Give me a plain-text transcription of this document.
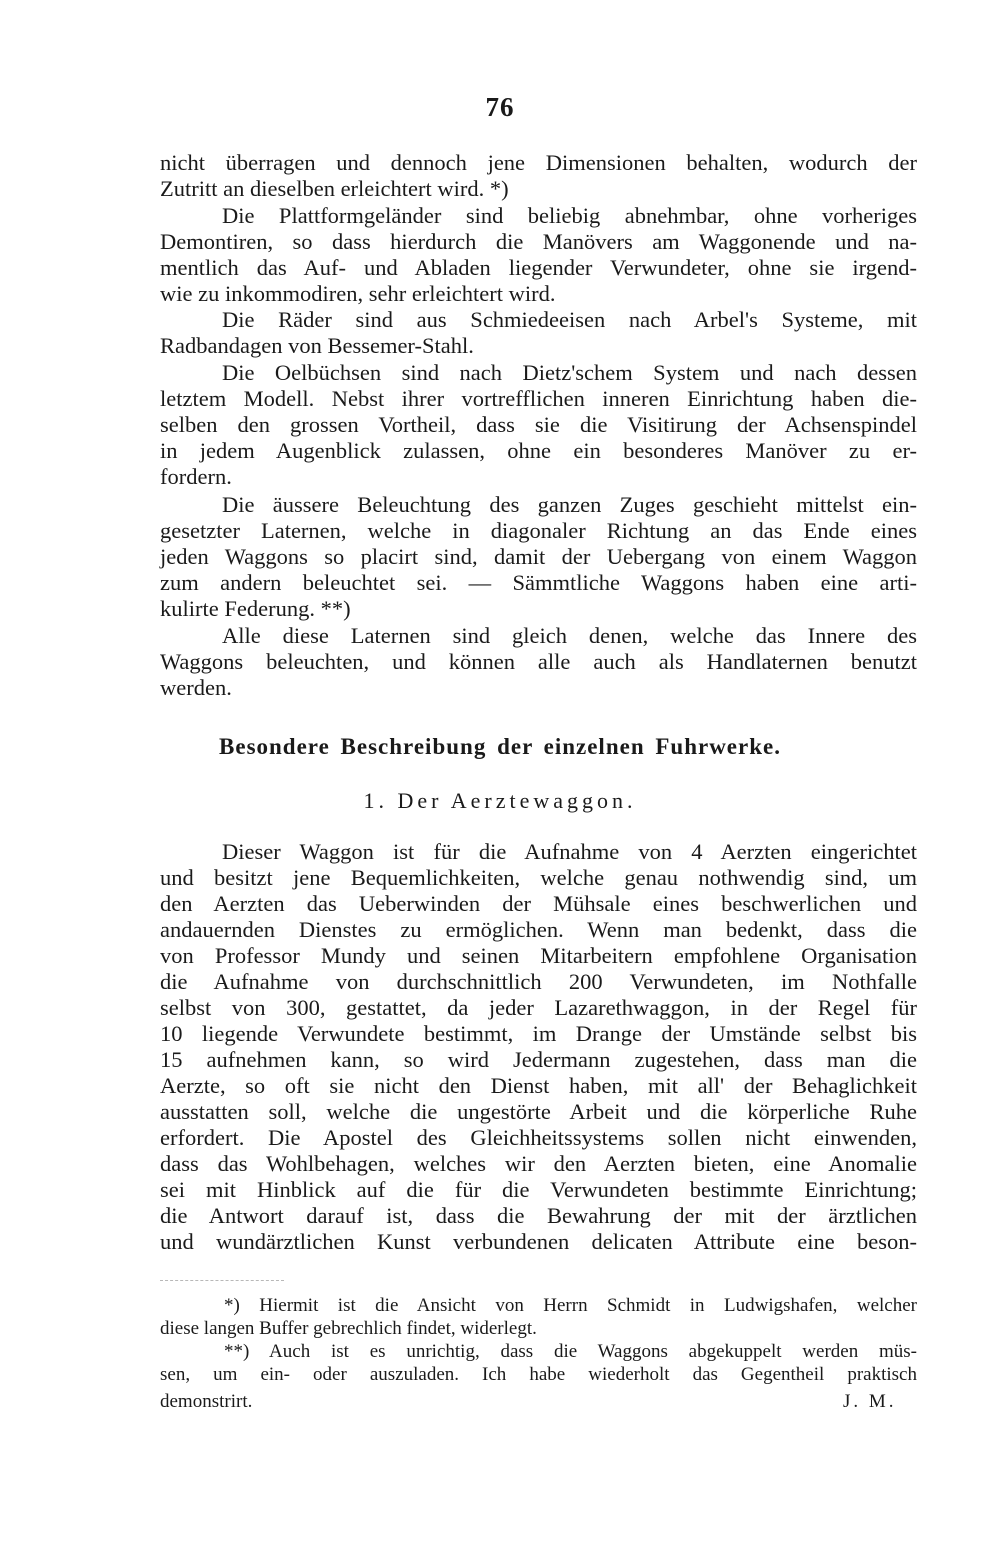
76
nicht überragen und dennoch jene Dimensionen behalten, wodurch der
Zutritt an dieselben erleichtert wird. *)
Die Plattformgeländer sind beliebig abnehmbar, ohne vorheriges
Demontiren, so dass hierdurch die Manövers am Waggonende und na-
mentlich das Auf- und Abladen liegender Verwundeter, ohne sie irgend-
wie zu inkommodiren, sehr erleichtert wird.
Die Räder sind aus Schmiedeeisen nach Arbel's Systeme, mit
Radbandagen von Bessemer-Stahl.
Die Oelbüchsen sind nach Dietz'schem System und nach dessen
letztem Modell. Nebst ihrer vortrefflichen inneren Einrichtung haben die-
selben den grossen Vortheil, dass sie die Visitirung der Achsenspindel
in jedem Augenblick zulassen, ohne ein besonderes Manöver zu er-
fordern.
Die äussere Beleuchtung des ganzen Zuges geschieht mittelst ein-
gesetzter Laternen, welche in diagonaler Richtung an das Ende eines
jeden Waggons so placirt sind, damit der Uebergang von einem Waggon
zum andern beleuchtet sei. — Sämmtliche Waggons haben eine arti-
kulirte Federung. **)
Alle diese Laternen sind gleich denen, welche das Innere des
Waggons beleuchten, und können alle auch als Handlaternen benutzt
werden.
Besondere Beschreibung der einzelnen Fuhrwerke.
1. Der Aerztewaggon.
Dieser Waggon ist für die Aufnahme von 4 Aerzten eingerichtet
und besitzt jene Bequemlichkeiten, welche genau nothwendig sind, um
den Aerzten das Ueberwinden der Mühsale eines beschwerlichen und
andauernden Dienstes zu ermöglichen. Wenn man bedenkt, dass die
von Professor Mundy und seinen Mitarbeitern empfohlene Organisation
die Aufnahme von durchschnittlich 200 Verwundeten, im Nothfalle
selbst von 300, gestattet, da jeder Lazarethwaggon, in der Regel für
10 liegende Verwundete bestimmt, im Drange der Umstände selbst bis
15 aufnehmen kann, so wird Jedermann zugestehen, dass man die
Aerzte, so oft sie nicht den Dienst haben, mit all' der Behaglichkeit
ausstatten soll, welche die ungestörte Arbeit und die körperliche Ruhe
erfordert. Die Apostel des Gleichheitssystems sollen nicht einwenden,
dass das Wohlbehagen, welches wir den Aerzten bieten, eine Anomalie
sei mit Hinblick auf die für die Verwundeten bestimmte Einrichtung;
die Antwort darauf ist, dass die Bewahrung der mit der ärztlichen
und wundärztlichen Kunst verbundenen delicaten Attribute eine beson-
*) Hiermit ist die Ansicht von Herrn Schmidt in Ludwigshafen, welcher
diese langen Buffer gebrechlich findet, widerlegt.
**) Auch ist es unrichtig, dass die Waggons abgekuppelt werden müs-
sen, um ein- oder auszuladen. Ich habe wiederholt das Gegentheil praktisch
demonstrirt.	J. M.
